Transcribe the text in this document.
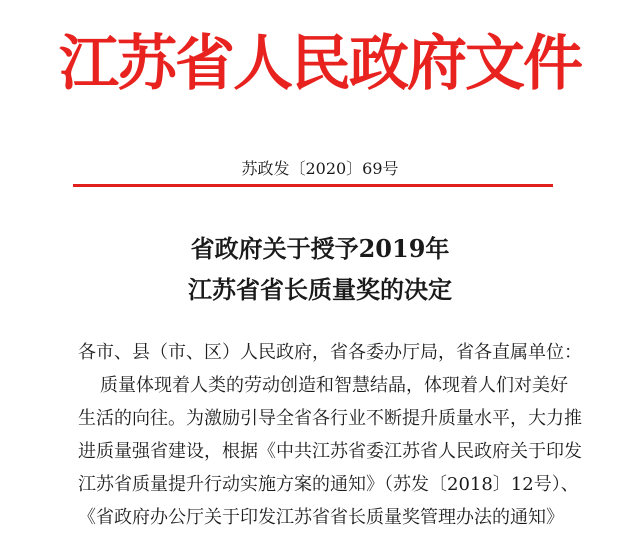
江苏省人民政府文件
苏政发〔2020〕69号
省政府关于授予2019年
江苏省省长质量奖的决定
各市、县（市、区）人民政府，省各委办厅局，省各直属单位：
质量体现着人类的劳动创造和智慧结晶，体现着人们对美好
生活的向往。为激励引导全省各行业不断提升质量水平，大力推
进质量强省建设，根据《中共江苏省委江苏省人民政府关于印发
江苏省质量提升行动实施方案的通知》（苏发〔2018〕12号）、
《省政府办公厅关于印发江苏省省长质量奖管理办法的通知》
